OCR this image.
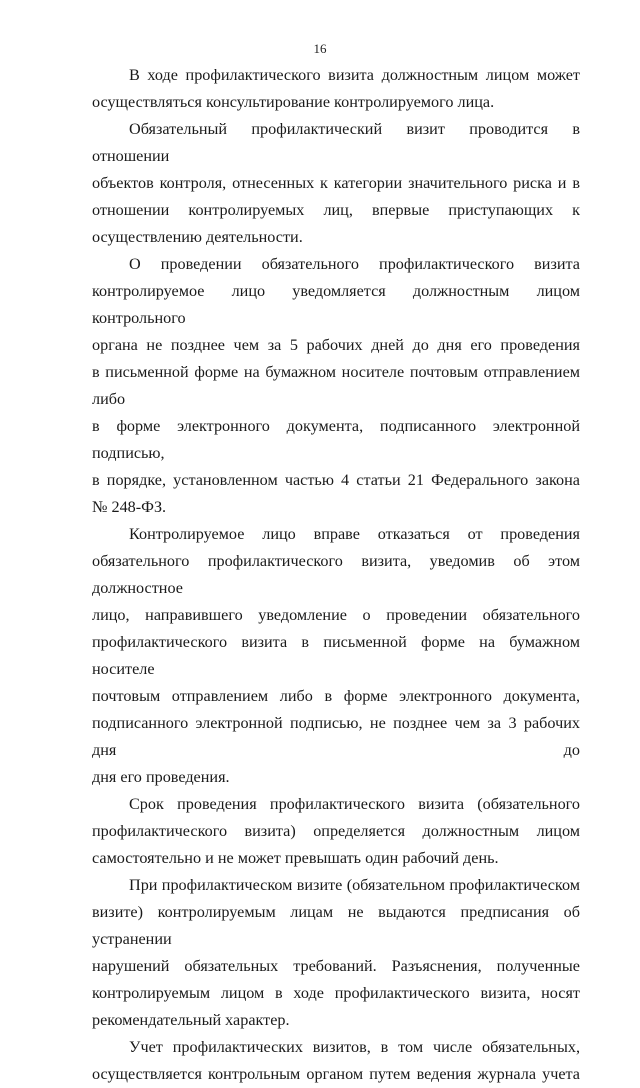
16
В ходе профилактического визита должностным лицом может
осуществляться консультирование контролируемого лица.
Обязательный профилактический визит проводится в отношении
объектов контроля, отнесенных к категории значительного риска и в
отношении контролируемых лиц, впервые приступающих к
осуществлению деятельности.
О проведении обязательного профилактического визита
контролируемое лицо уведомляется должностным лицом контрольного
органа не позднее чем за 5 рабочих дней до дня его проведения
в письменной форме на бумажном носителе почтовым отправлением либо
в форме электронного документа, подписанного электронной подписью,
в порядке, установленном частью 4 статьи 21 Федерального закона
№ 248-ФЗ.
Контролируемое лицо вправе отказаться от проведения
обязательного профилактического визита, уведомив об этом должностное
лицо, направившего уведомление о проведении обязательного
профилактического визита в письменной форме на бумажном носителе
почтовым отправлением либо в форме электронного документа,
подписанного электронной подписью, не позднее чем за 3 рабочих дня до
дня его проведения.
Срок проведения профилактического визита (обязательного
профилактического визита) определяется должностным лицом
самостоятельно и не может превышать один рабочий день.
При профилактическом визите (обязательном профилактическом
визите) контролируемым лицам не выдаются предписания об устранении
нарушений обязательных требований. Разъяснения, полученные
контролируемым лицом в ходе профилактического визита, носят
рекомендательный характер.
Учет профилактических визитов, в том числе обязательных,
осуществляется контрольным органом путем ведения журнала учета
